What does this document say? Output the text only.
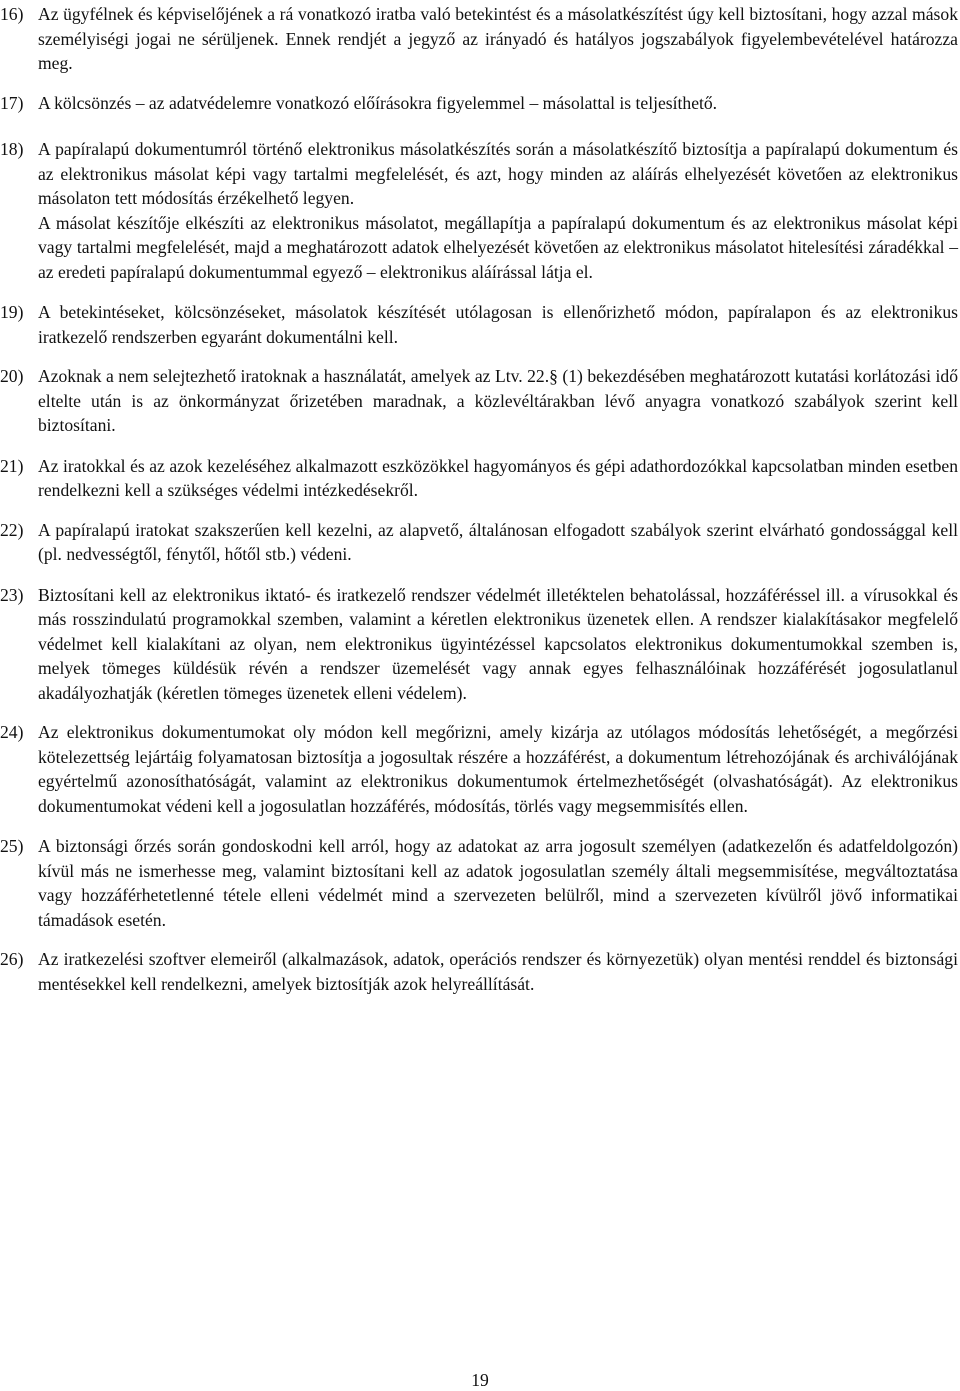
16) Az ügyfélnek és képviselőjének a rá vonatkozó iratba való betekintést és a másolatkészítést úgy kell biztosítani, hogy azzal mások személyiségi jogai ne sérüljenek. Ennek rendjét a jegyző az irányadó és hatályos jogszabályok figyelembevételével határozza meg.
17) A kölcsönzés – az adatvédelemre vonatkozó előírásokra figyelemmel – másolattal is teljesíthető.
18) A papíralapú dokumentumról történő elektronikus másolatkészítés során a másolatkészítő biztosítja a papíralapú dokumentum és az elektronikus másolat képi vagy tartalmi megfelelését, és azt, hogy minden az aláírás elhelyezését követően az elektronikus másolaton tett módosítás érzékelhető legyen.

A másolat készítője elkészíti az elektronikus másolatot, megállapítja a papíralapú dokumentum és az elektronikus másolat képi vagy tartalmi megfelelését, majd a meghatározott adatok elhelyezését követően az elektronikus másolatot hitelesítési záradékkal – az eredeti papíralapú dokumentummal egyező – elektronikus aláírással látja el.

19) A betekintéseket, kölcsönzéseket, másolatok készítését utólagosan is ellenőrizhető módon, papíralapon és az elektronikus iratkezelő rendszerben egyaránt dokumentálni kell.
20) Azoknak a nem selejtezhető iratoknak a használatát, amelyek az Ltv. 22.§ (1) bekezdésében meghatározott kutatási korlátozási idő eltelte után is az önkormányzat őrizetében maradnak, a közlevéltárakban lévő anyagra vonatkozó szabályok szerint kell biztosítani.
21) Az iratokkal és az azok kezeléséhez alkalmazott eszközökkel hagyományos és gépi adathordozókkal kapcsolatban minden esetben rendelkezni kell a szükséges védelmi intézkedésekről.
22) A papíralapú iratokat szakszerűen kell kezelni, az alapvető, általánosan elfogadott szabályok szerint elvárható gondossággal kell (pl. nedvességtől, fénytől, hőtől stb.) védeni.
23) Biztosítani kell az elektronikus iktató- és iratkezelő rendszer védelmét illetéktelen behatolással, hozzáféréssel ill. a vírusokkal és más rosszindulatú programokkal szemben, valamint a kéretlen elektronikus üzenetek ellen. A rendszer kialakításakor megfelelő védelmet kell kialakítani az olyan, nem elektronikus ügyintézéssel kapcsolatos elektronikus dokumentumokkal szemben is, melyek tömeges küldésük révén a rendszer üzemelését vagy annak egyes felhasználóinak hozzáférését jogosulatlanul akadályozhatják (kéretlen tömeges üzenetek elleni védelem).
24) Az elektronikus dokumentumokat oly módon kell megőrizni, amely kizárja az utólagos módosítás lehetőségét, a megőrzési kötelezettség lejártáig folyamatosan biztosítja a jogosultak részére a hozzáférést, a dokumentum létrehozójának és archiválójának egyértelmű azonosíthatóságát, valamint az elektronikus dokumentumok értelmezhetőségét (olvashatóságát). Az elektronikus dokumentumokat védeni kell a jogosulatlan hozzáférés, módosítás, törlés vagy megsemmisítés ellen.
25) A biztonsági őrzés során gondoskodni kell arról, hogy az adatokat az arra jogosult személyen (adatkezelőn és adatfeldolgozón) kívül más ne ismerhesse meg, valamint biztosítani kell az adatok jogosulatlan személy általi megsemmisítése, megváltoztatása vagy hozzáférhetetlenné tétele elleni védelmét mind a szervezeten belülről, mind a szervezeten kívülről jövő informatikai támadások esetén.
26) Az iratkezelési szoftver elemeiről (alkalmazások, adatok, operációs rendszer és környezetük) olyan mentési renddel és biztonsági mentésekkel kell rendelkezni, amelyek biztosítják azok helyreállítását.
19
